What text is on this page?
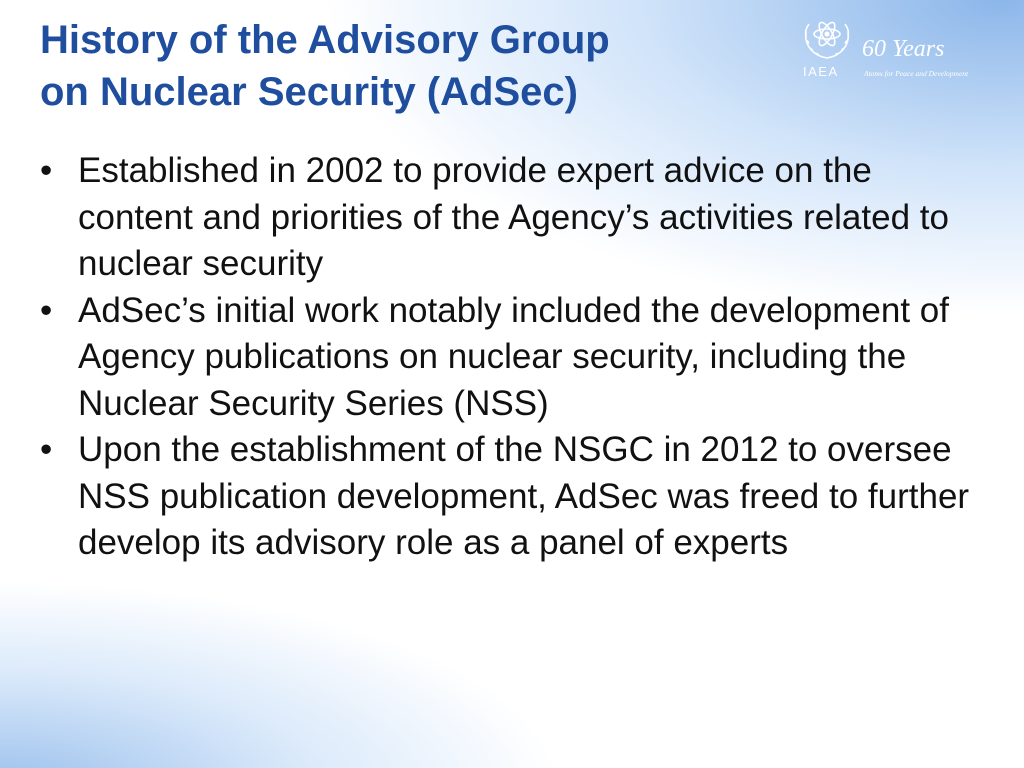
History of the Advisory Group
on Nuclear Security (AdSec)	IAEA
60 Years
Atoms for Peace and Development
• Established in 2002 to provide expert advice on the content and priorities of the Agency’s activities related to nuclear security
• AdSec’s initial work notably included the development of Agency publications on nuclear security, including the Nuclear Security Series (NSS)
• Upon the establishment of the NSGC in 2012 to oversee NSS publication development, AdSec was freed to further develop its advisory role as a panel of experts
